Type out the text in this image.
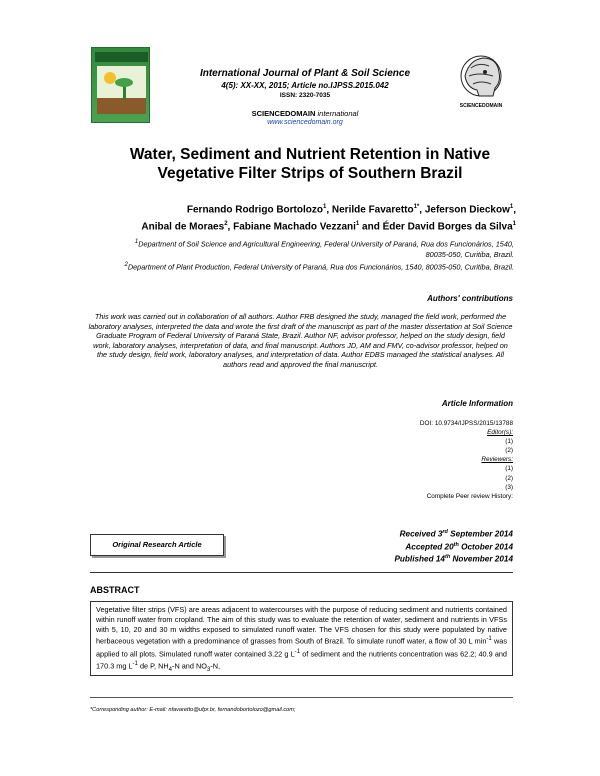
International Journal of Plant & Soil Science
4(5): XX-XX, 2015; Article no.IJPSS.2015.042
ISSN: 2320-7035
SCIENCEDOMAIN international
www.sciencedomain.org
SCIENCEDOMAIN
Water, Sediment and Nutrient Retention in Native
Vegetative Filter Strips of Southern Brazil
Fernando Rodrigo Bortolozo$^1$, Nerilde Favaretto$^{1*}$, Jeferson Dieckow$^1$,
Anibal de Moraes$^2$, Fabiane Machado Vezzani$^1$ and Éder David Borges da Silva$^1$
$^1$Department of Soil Science and Agricultural Engineering, Federal University of Paraná, Rua dos Funcionários, 1540, 80035-050, Curitiba, Brazil.
$^2$Department of Plant Production, Federal University of Paraná, Rua dos Funcionários, 1540, 80035-050, Curitiba, Brazil.
Authors' contributions
This work was carried out in collaboration of all authors. Author FRB designed the study, managed the field work, performed the laboratory analyses, interpreted the data and wrote the first draft of the manuscript as part of the master dissertation at Soil Science Graduate Program of Federal University of Paraná State, Brazil. Author NF, advisor professor, helped on the study design, field work, laboratory analyses, interpretation of data, and final manuscript. Authors JD, AM and FMV, co-advisor professor, helped on the study design, field work, laboratory analyses, and interpretation of data. Author EDBS managed the statistical analyses. All authors read and approved the final manuscript.
Article Information
DOI: 10.9734/IJPSS/2015/13788
Editor(s):
(1)
(2)
Reviewers:
(1)
(2)
(3)
Complete Peer review History:
Original Research Article
Received 3rd September 2014
Accepted 20th October 2014
Published 14th November 2014
ABSTRACT
Vegetative filter strips (VFS) are areas adjacent to watercourses with the purpose of reducing sediment and nutrients contained within runoff water from cropland. The aim of this study was to evaluate the retention of water, sediment and nutrients in VFSs with 5, 10, 20 and 30 m widths exposed to simulated runoff water. The VFS chosen for this study were populated by native herbaceous vegetation with a predominance of grasses from South of Brazil. To simulate runoff water, a flow of 30 L $\min^{-1}$ was applied to all plots. Simulated runoff water contained 3.22 g $L^{-1}$ of sediment and the nutrients concentration was 62.2; 40.9 and 170.3 mg $L^{-1}$ de P, $NH_4-N$ and $NO_3-N$,
*Corresponding author: E-mail: nfavaretto@ufpr.br, fernandobortolozo@gmail.com;
